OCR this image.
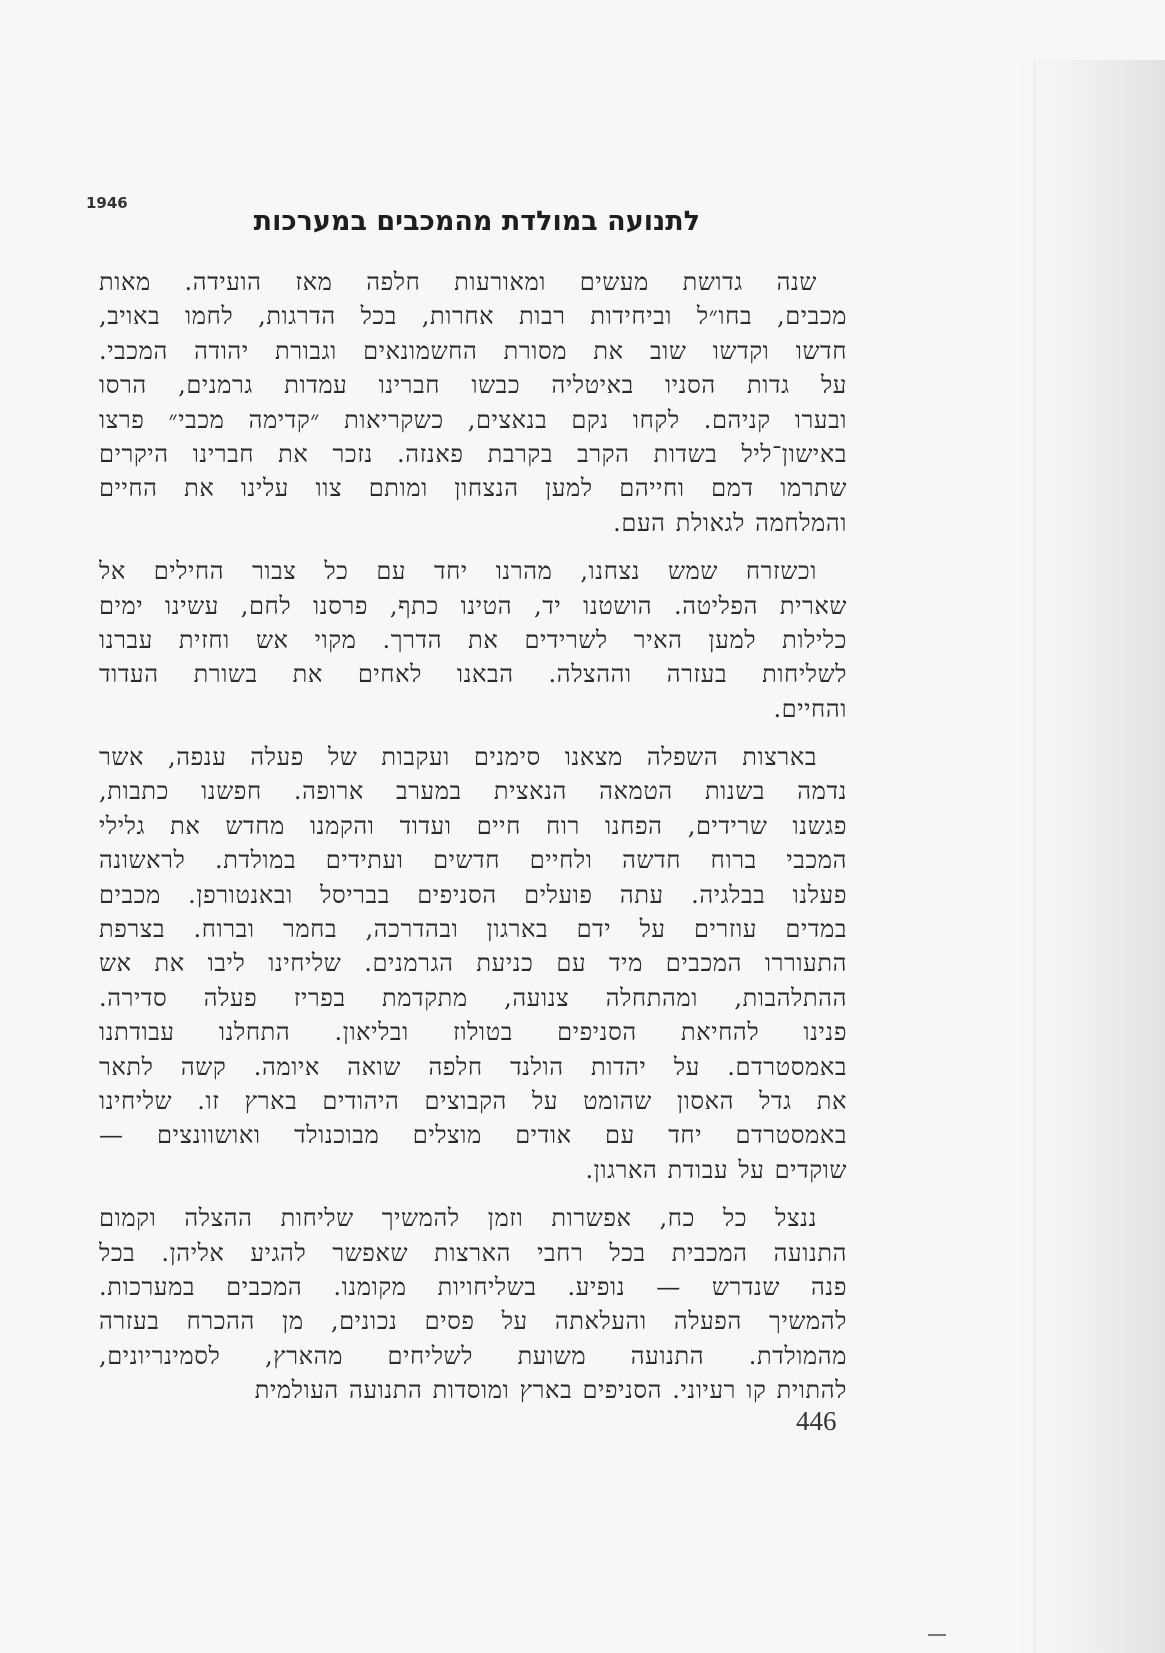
1946
לתנועה במולדת מהמכבים במערכות
שנה גדושת מעשים ומאורעות חלפה מאז הועידה. מאות
מכבים, בחו״ל וביחידות רבות אחרות, בכל הדרגות, לחמו באויב,
חדשו וקדשו שוב את מסורת החשמונאים וגבורת יהודה המכבי.
על גדות הסניו באיטליה כבשו חברינו עמדות גרמנים, הרסו
ובערו קניהם. לקחו נקם בנאצים, כשקריאות ״קדימה מכבי״ פרצו
באישון־ליל בשדות הקרב בקרבת פאנזה. נזכר את חברינו היקרים
שתרמו דמם וחייהם למען הנצחון ומותם צוו עלינו את החיים
והמלחמה לגאולת העם.
וכשזרח שמש נצחנו, מהרנו יחד עם כל צבור החילים אל
שארית הפליטה. הושטנו יד, הטינו כתף, פרסנו לחם, עשינו ימים
כלילות למען האיר לשרידים את הדרך. מקוי אש וחזית עברנו
לשליחות בעזרה וההצלה. הבאנו לאחים את בשורת העדוד
והחיים.
בארצות השפלה מצאנו סימנים ועקבות של פעלה ענפה, אשר
נדמה בשנות הטמאה הנאצית במערב ארופה. חפשנו כתבות,
פגשנו שרידים, הפחנו רוח חיים ועדוד והקמנו מחדש את גלילי
המכבי ברוח חדשה ולחיים חדשים ועתידים במולדת. לראשונה
פעלנו בבלגיה. עתה פועלים הסניפים בבריסל ובאנטורפן. מכבים
במדים עוזרים על ידם בארגון ובהדרכה, בחמר וברוח. בצרפת
התעוררו המכבים מיד עם כניעת הגרמנים. שליחינו ליבו את אש
ההתלהבות, ומהתחלה צנועה, מתקדמת בפריז פעלה סדירה.
פנינו להחיאת הסניפים בטולוז ובליאון. התחלנו עבודתנו
באמסטרדם. על יהדות הולנד חלפה שואה איומה. קשה לתאר
את גדל האסון שהומט על הקבוצים היהודים בארץ זו. שליחינו
באמסטרדם יחד עם אודים מוצלים מבוכנולד ואושוונצים —
שוקדים על עבודת הארגון.
ננצל כל כח, אפשרות וזמן להמשיך שליחות ההצלה וקמום
התנועה המכבית בכל רחבי הארצות שאפשר להגיע אליהן. בכל
פנה שנדרש — נופיע. בשליחויות מקומנו. המכבים במערכות.
להמשיך הפעלה והעלאתה על פסים נכונים, מן ההכרח בעזרה
מהמולדת. התנועה משועת לשליחים מהארץ, לסמינריונים,
להתוית קו רעיוני. הסניפים בארץ ומוסדות התנועה העולמית
446
